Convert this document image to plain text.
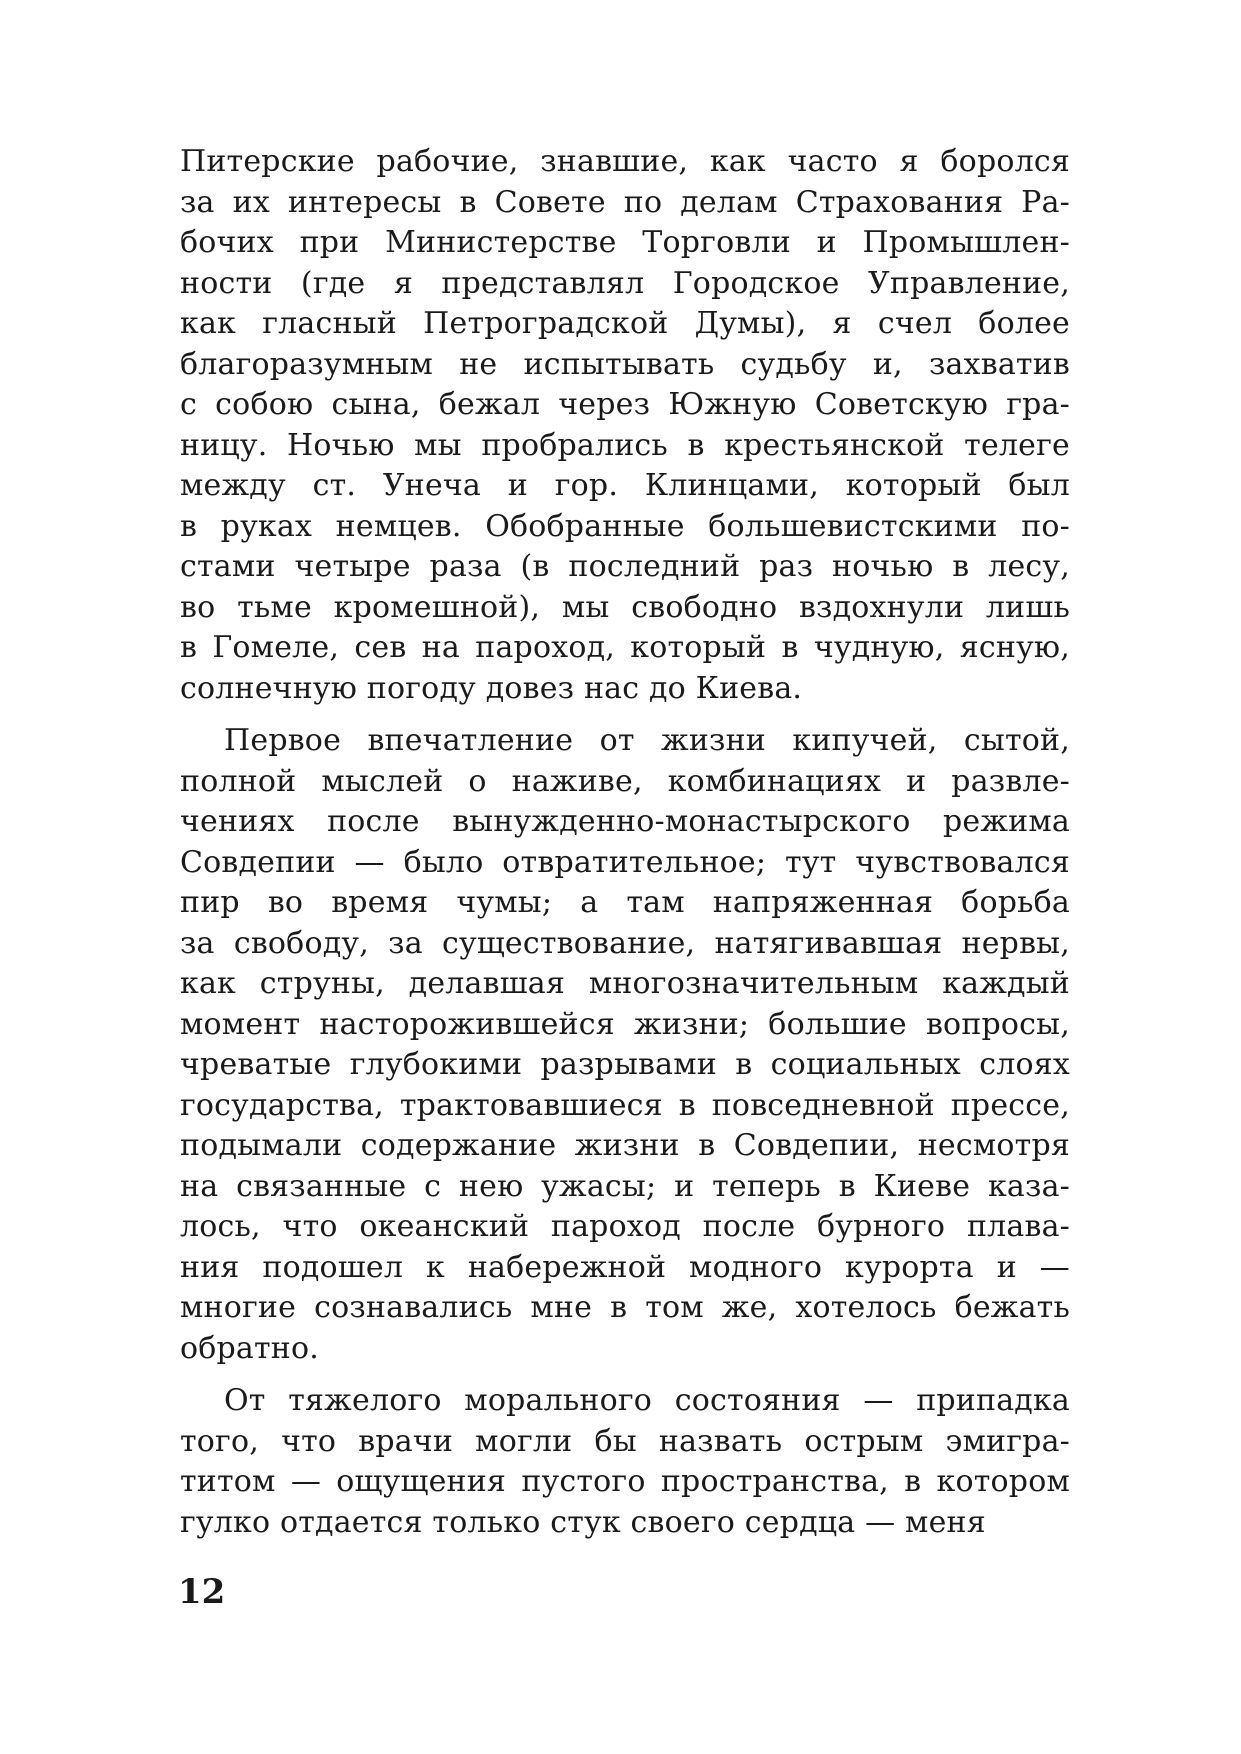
Питерские рабочие, знавшие, как часто я боролся
за их интересы в Совете по делам Страхования Ра-
бочих при Министерстве Торговли и Промышлен-
ности (где я представлял Городское Управление,
как гласный Петроградской Думы), я счел более
благоразумным не испытывать судьбу и, захватив
с собою сына, бежал через Южную Советскую гра-
ницу. Ночью мы пробрались в крестьянской телеге
между ст. Унеча и гор. Клинцами, который был
в руках немцев. Обобранные большевистскими по-
стами четыре раза (в последний раз ночью в лесу,
во тьме кромешной), мы свободно вздохнули лишь
в Гомеле, сев на пароход, который в чудную, ясную,
солнечную погоду довез нас до Киева.
Первое впечатление от жизни кипучей, сытой,
полной мыслей о наживе, комбинациях и развле-
чениях после вынужденно-монастырского режима
Совдепии — было отвратительное; тут чувствовался
пир во время чумы; а там напряженная борьба
за свободу, за существование, натягивавшая нервы,
как струны, делавшая многозначительным каждый
момент насторожившейся жизни; большие вопросы,
чреватые глубокими разрывами в социальных слоях
государства, трактовавшиеся в повседневной прессе,
подымали содержание жизни в Совдепии, несмотря
на связанные с нею ужасы; и теперь в Киеве каза-
лось, что океанский пароход после бурного плава-
ния подошел к набережной модного курорта и —
многие сознавались мне в том же, хотелось бежать
обратно.
От тяжелого морального состояния — припадка
того, что врачи могли бы назвать острым эмигра-
титом — ощущения пустого пространства, в котором
гулко отдается только стук своего сердца — меня
12
